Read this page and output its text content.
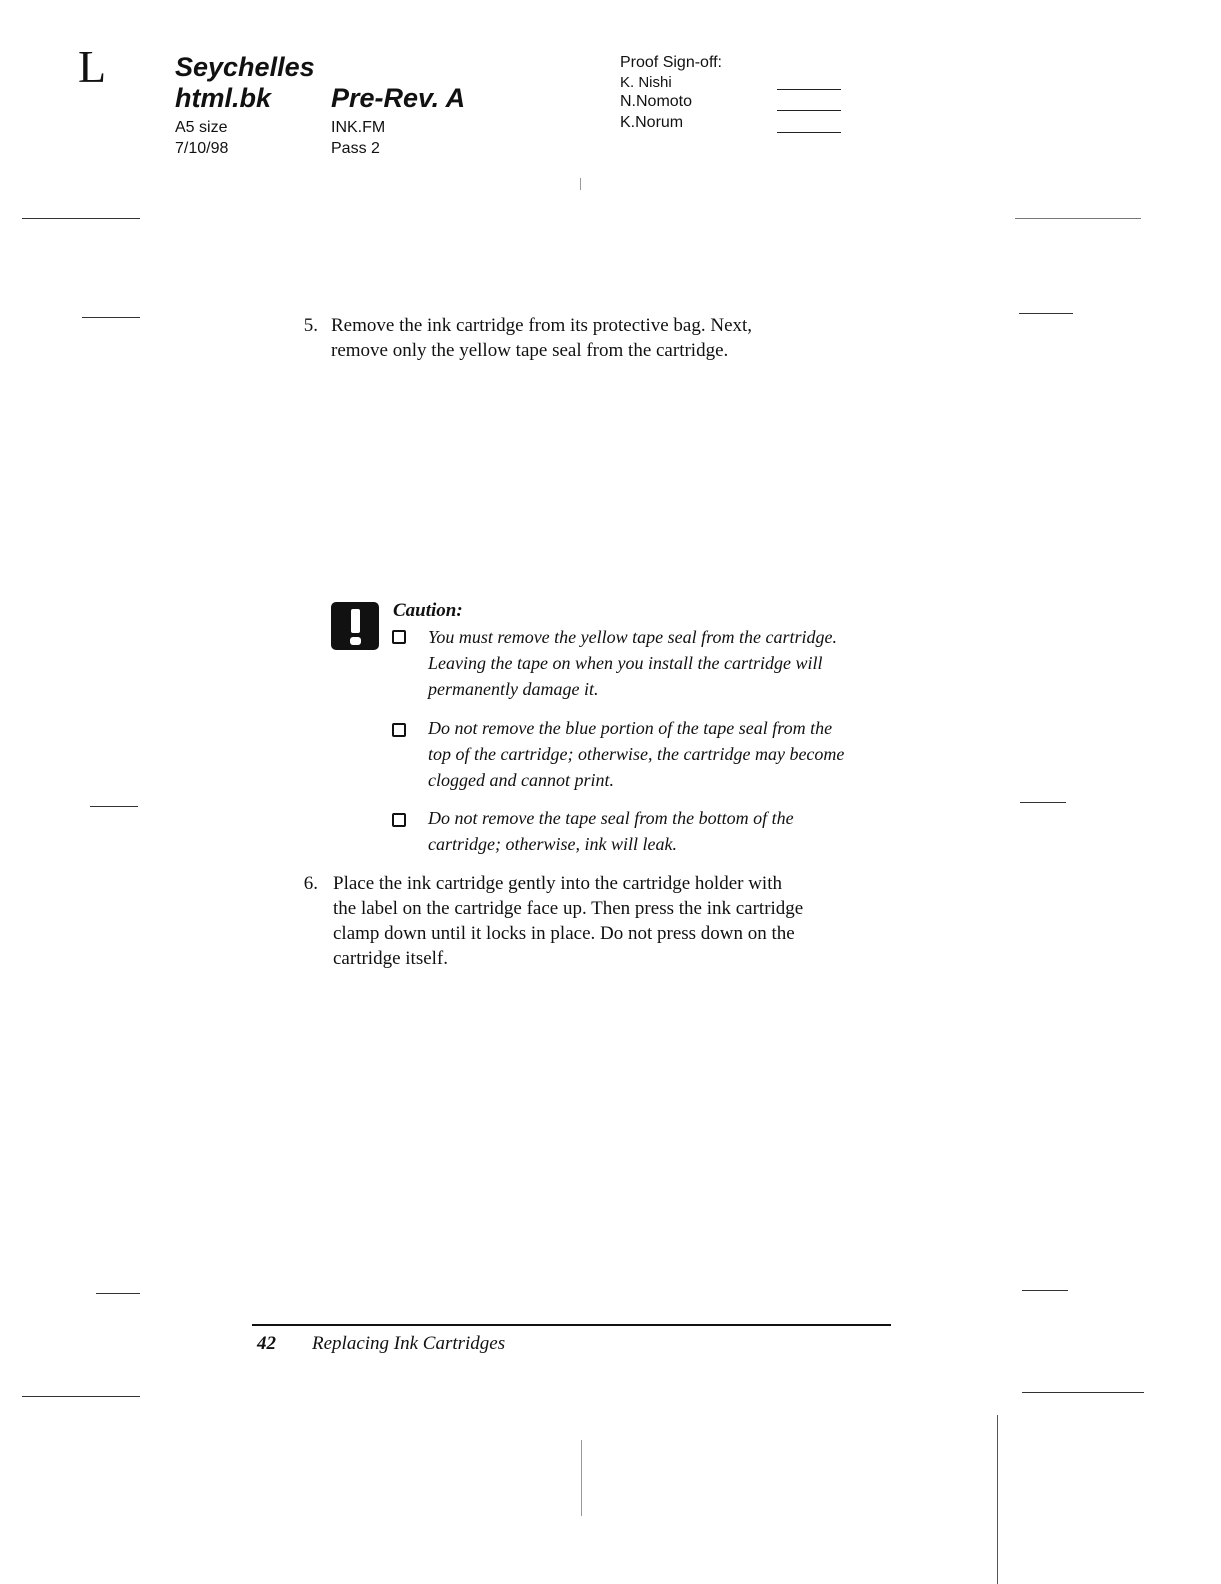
L	Seychelles
html.bk Pre-Rev. A
A5 size
7/10/98
INK.FM
Pass 2
Proof Sign-off:
K. Nishi
N.Nomoto
K.Norum
5. Remove the ink cartridge from its protective bag. Next,
remove only the yellow tape seal from the cartridge.
Caution:
You must remove the yellow tape seal from the cartridge.
Leaving the tape on when you install the cartridge will
permanently damage it.
Do not remove the blue portion of the tape seal from the
top of the cartridge; otherwise, the cartridge may become
clogged and cannot print.
Do not remove the tape seal from the bottom of the
cartridge; otherwise, ink will leak.
6. Place the ink cartridge gently into the cartridge holder with
the label on the cartridge face up. Then press the ink cartridge
clamp down until it locks in place. Do not press down on the
cartridge itself.
42 Replacing Ink Cartridges
